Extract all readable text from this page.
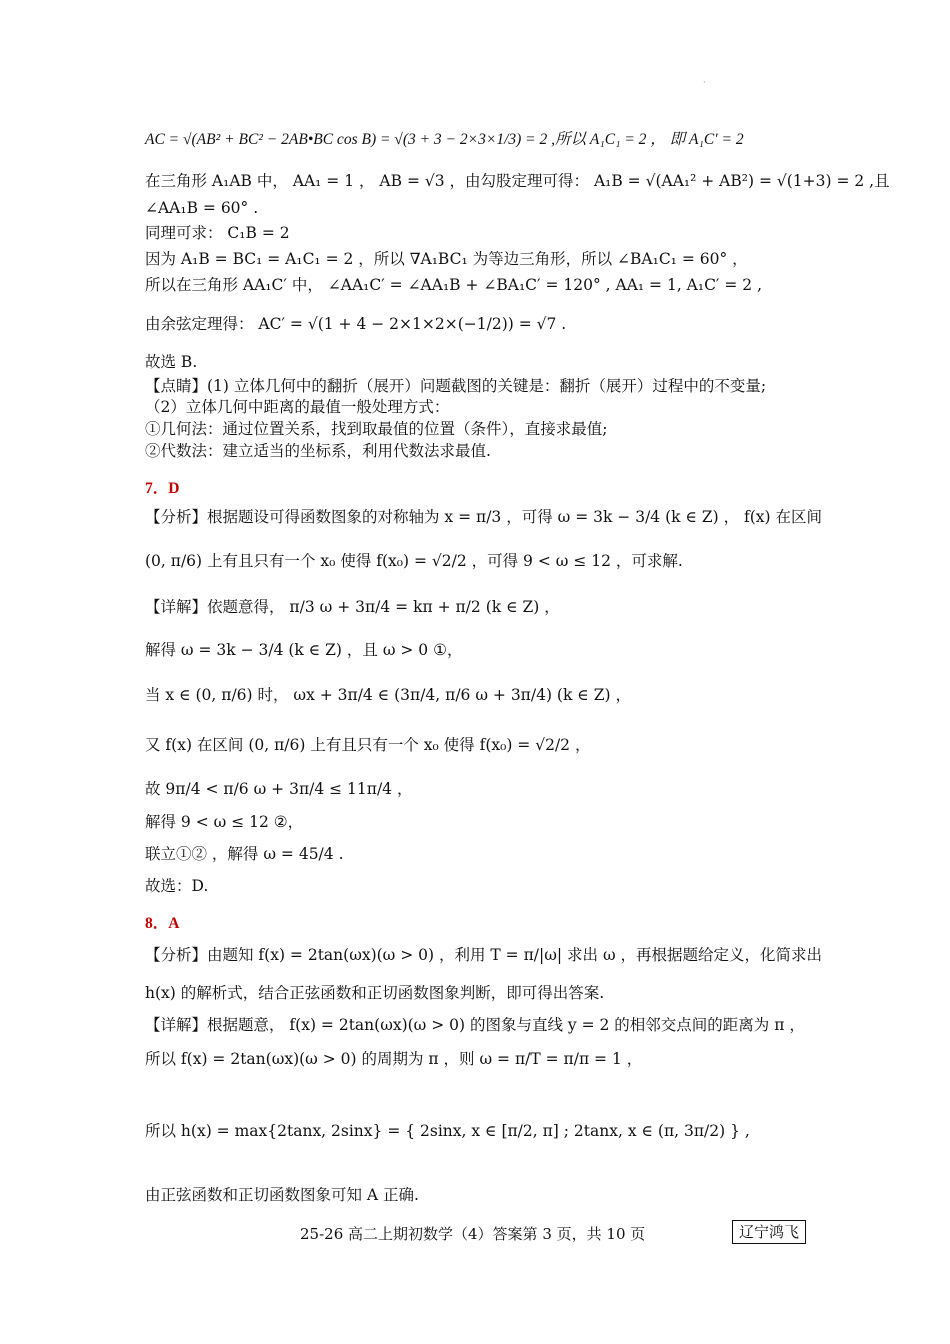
·
AC = √(AB² + BC² − 2AB•BC cos B) = √(3 + 3 − 2×3×1/3) = 2 ,所以 A₁C₁ = 2 ， 即 A₁C′ = 2
在三角形 A₁AB 中， AA₁ = 1 ， AB = √3 ，由勾股定理可得： A₁B = √(AA₁² + AB²) = √(1+3) = 2 ,且
∠AA₁B = 60° .
同理可求： C₁B = 2
因为 A₁B = BC₁ = A₁C₁ = 2 ，所以 ∇A₁BC₁ 为等边三角形，所以 ∠BA₁C₁ = 60° ，
所以在三角形 AA₁C′ 中， ∠AA₁C′ = ∠AA₁B + ∠BA₁C′ = 120° , AA₁ = 1, A₁C′ = 2 ,
由余弦定理得： AC′ = √(1 + 4 − 2×1×2×(−1/2)) = √7 .
故选 B.
【点睛】(1) 立体几何中的翻折（展开）问题截图的关键是：翻折（展开）过程中的不变量;
（2）立体几何中距离的最值一般处理方式：
①几何法：通过位置关系，找到取最值的位置（条件），直接求最值;
②代数法：建立适当的坐标系，利用代数法求最值.
7．D
【分析】根据题设可得函数图象的对称轴为 x = π/3 ，可得 ω = 3k − 3/4 (k ∈ Z) ， f(x) 在区间
(0, π/6) 上有且只有一个 x₀ 使得 f(x₀) = √2/2 ，可得 9 < ω ≤ 12 ，可求解.
【详解】依题意得， π/3 ω + 3π/4 = kπ + π/2 (k ∈ Z) ，
解得 ω = 3k − 3/4 (k ∈ Z) ，且 ω > 0 ①，
当 x ∈ (0, π/6) 时， ωx + 3π/4 ∈ (3π/4, π/6 ω + 3π/4) (k ∈ Z) ，
又 f(x) 在区间 (0, π/6) 上有且只有一个 x₀ 使得 f(x₀) = √2/2 ，
故 9π/4 < π/6 ω + 3π/4 ≤ 11π/4 ，
解得 9 < ω ≤ 12 ②，
联立①② ，解得 ω = 45/4 .
故选：D.
8．A
【分析】由题知 f(x) = 2tan(ωx)(ω > 0) ，利用 T = π/|ω| 求出 ω ，再根据题给定义，化简求出
h(x) 的解析式，结合正弦函数和正切函数图象判断，即可得出答案.
【详解】根据题意， f(x) = 2tan(ωx)(ω > 0) 的图象与直线 y = 2 的相邻交点间的距离为 π ，
所以 f(x) = 2tan(ωx)(ω > 0) 的周期为 π ，则 ω = π/T = π/π = 1 ，
所以 h(x) = max{2tanx, 2sinx} = { 2sinx, x ∈ [π/2, π] ; 2tanx, x ∈ (π, 3π/2) } ,
由正弦函数和正切函数图象可知 A 正确.
25-26 高二上期初数学（4）答案第 3 页，共 10 页	辽宁鸿飞
